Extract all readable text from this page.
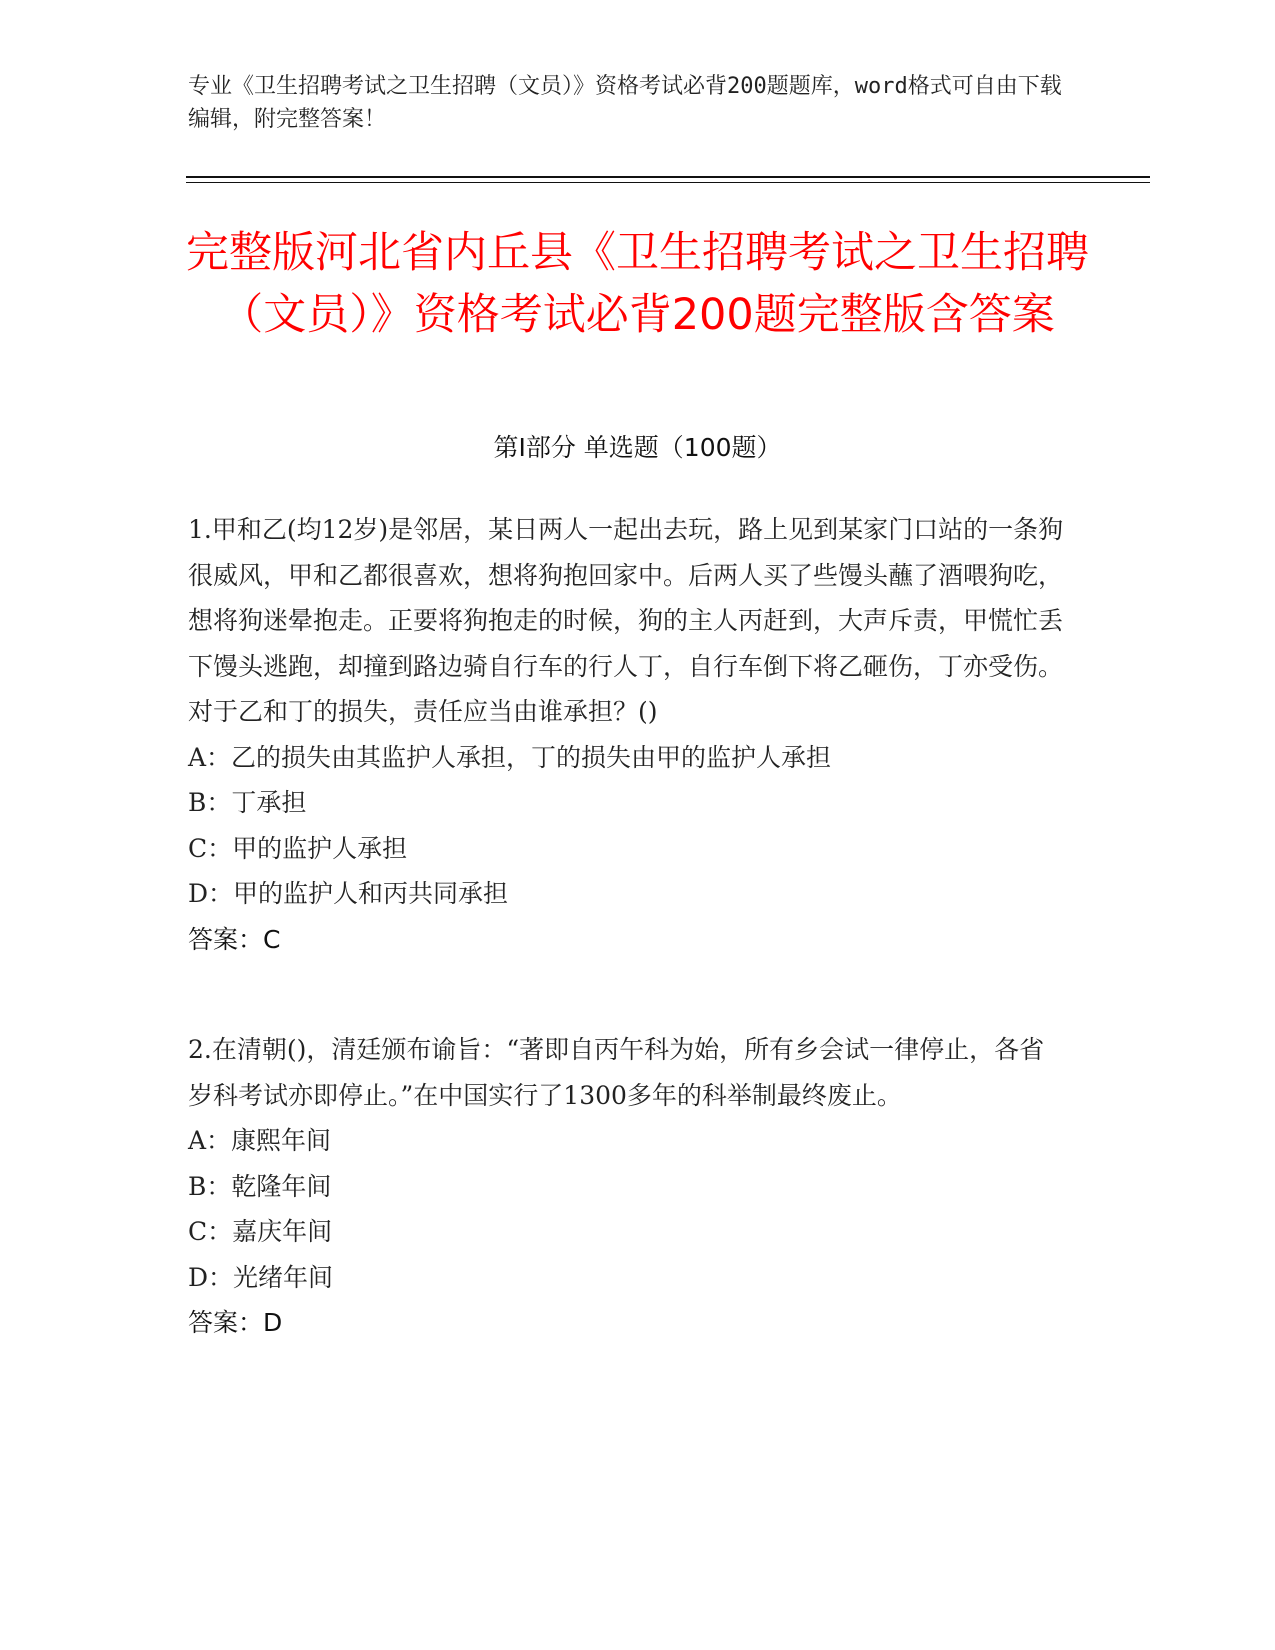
专业《卫生招聘考试之卫生招聘（文员）》资格考试必背200题题库，word格式可自由下载编辑，附完整答案！
完整版河北省内丘县《卫生招聘考试之卫生招聘（文员）》资格考试必背200题完整版含答案
第Ⅰ部分 单选题（100题）

1.甲和乙(均12岁)是邻居，某日两人一起出去玩，路上见到某家门口站的一条狗很威风，甲和乙都很喜欢，想将狗抱回家中。后两人买了些馒头蘸了酒喂狗吃，想将狗迷晕抱走。正要将狗抱走的时候，狗的主人丙赶到，大声斥责，甲慌忙丢下馒头逃跑，却撞到路边骑自行车的行人丁，自行车倒下将乙砸伤，丁亦受伤。对于乙和丁的损失，责任应当由谁承担？()

A：乙的损失由其监护人承担，丁的损失由甲的监护人承担

B：丁承担

C：甲的监护人承担

D：甲的监护人和丙共同承担

答案：C

2.在清朝()，清廷颁布谕旨：“著即自丙午科为始，所有乡会试一律停止，各省岁科考试亦即停止。”在中国实行了1300多年的科举制最终废止。

A：康熙年间

B：乾隆年间

C：嘉庆年间

D：光绪年间

答案：D
